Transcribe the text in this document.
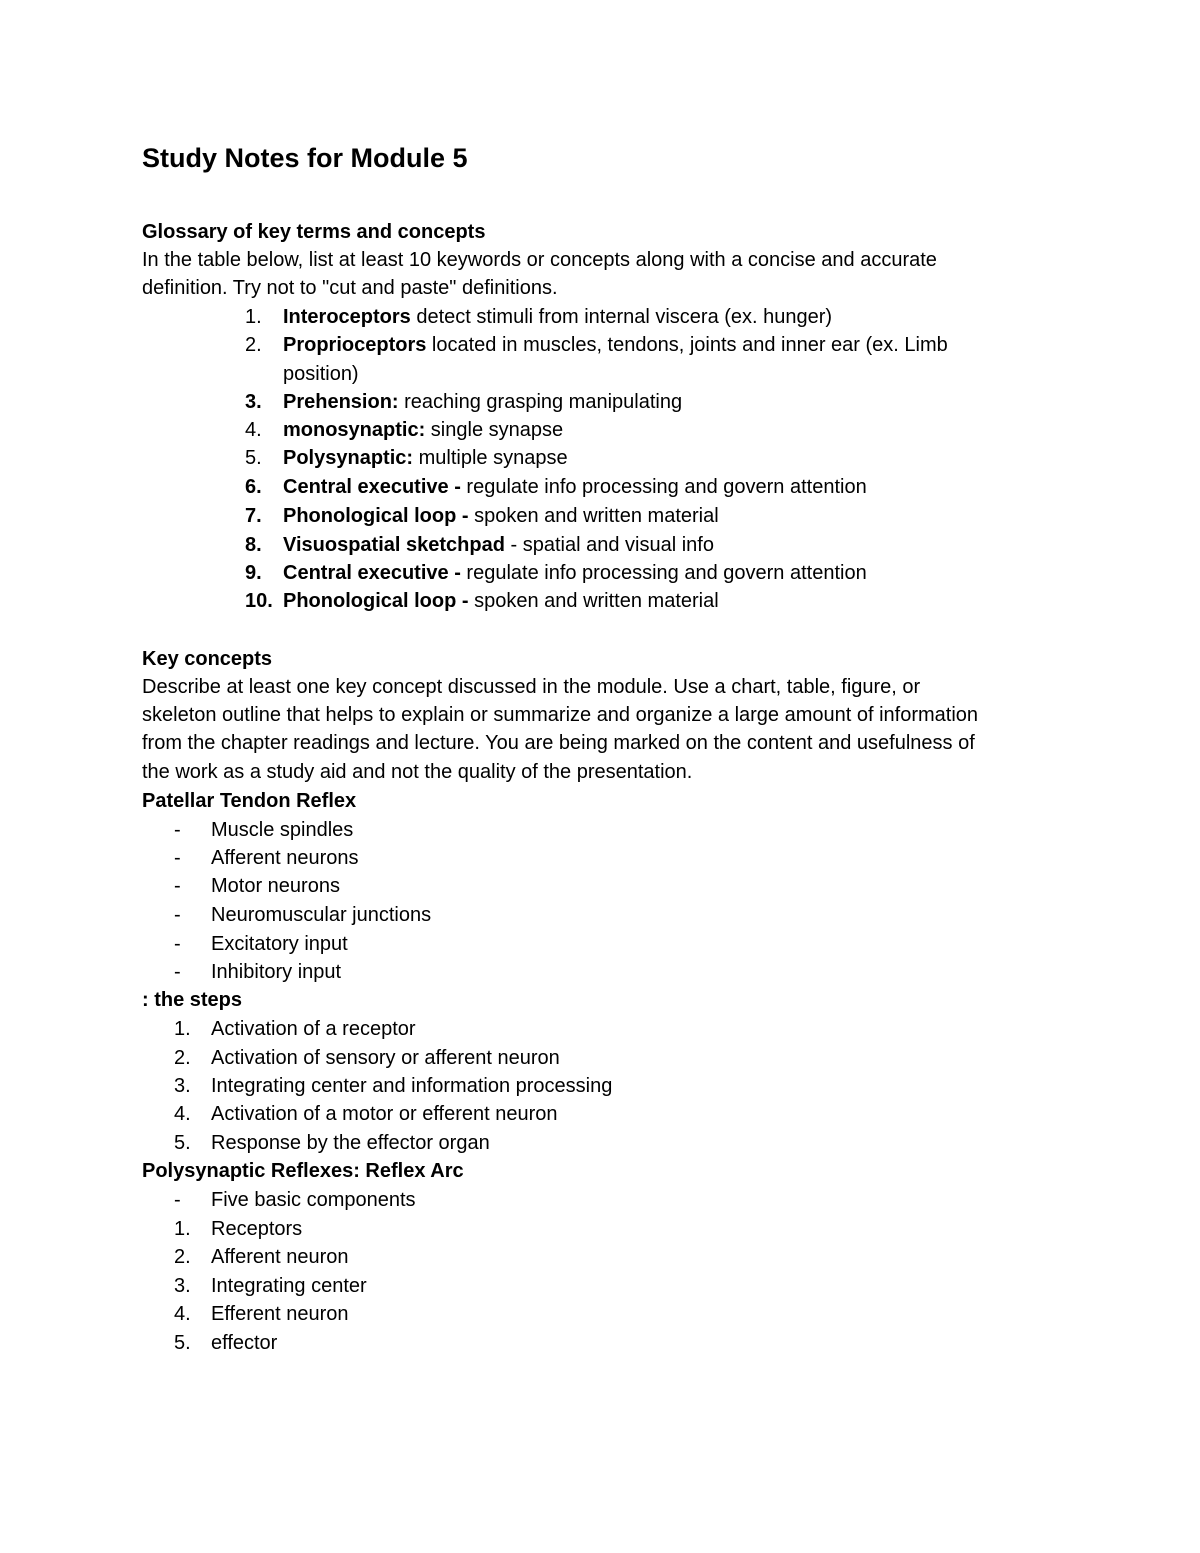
Study Notes for Module 5
Glossary of key terms and concepts
In the table below, list at least 10 keywords or concepts along with a concise and accurate
definition. Try not to "cut and paste" definitions.
1.	Interoceptors detect stimuli from internal viscera (ex. hunger)
2.	Proprioceptors located in muscles, tendons, joints and inner ear (ex. Limb
position)
3.	Prehension: reaching grasping manipulating
4.	monosynaptic: single synapse
5.	Polysynaptic: multiple synapse
6.	Central executive - regulate info processing and govern attention
7.	Phonological loop - spoken and written material
8.	Visuospatial sketchpad - spatial and visual info
9.	Central executive - regulate info processing and govern attention
10. Phonological loop - spoken and written material
Key concepts
Describe at least one key concept discussed in the module. Use a chart, table, figure, or
skeleton outline that helps to explain or summarize and organize a large amount of information
from the chapter readings and lecture. You are being marked on the content and usefulness of
the work as a study aid and not the quality of the presentation.
Patellar Tendon Reflex
-	Muscle spindles
-	Afferent neurons
-	Motor neurons
-	Neuromuscular junctions
-	Excitatory input
-	Inhibitory input
: the steps
1.	Activation of a receptor
2.	Activation of sensory or afferent neuron
3.	Integrating center and information processing
4.	Activation of a motor or efferent neuron
5.	Response by the effector organ
Polysynaptic Reflexes: Reflex Arc
-	Five basic components
1.	Receptors
2.	Afferent neuron
3.	Integrating center
4.	Efferent neuron
5.	effector
